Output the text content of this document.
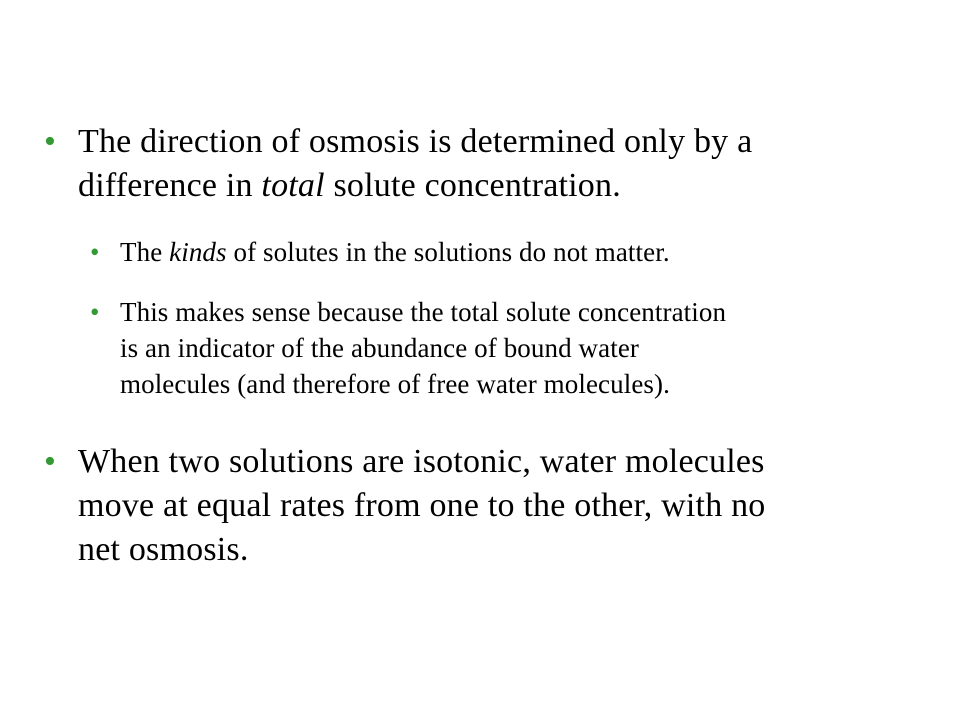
• The direction of osmosis is determined only by a
difference in total solute concentration.
• The kinds of solutes in the solutions do not matter.
• This makes sense because the total solute concentration
is an indicator of the abundance of bound water
molecules (and therefore of free water molecules).
• When two solutions are isotonic, water molecules
move at equal rates from one to the other, with no
net osmosis.
